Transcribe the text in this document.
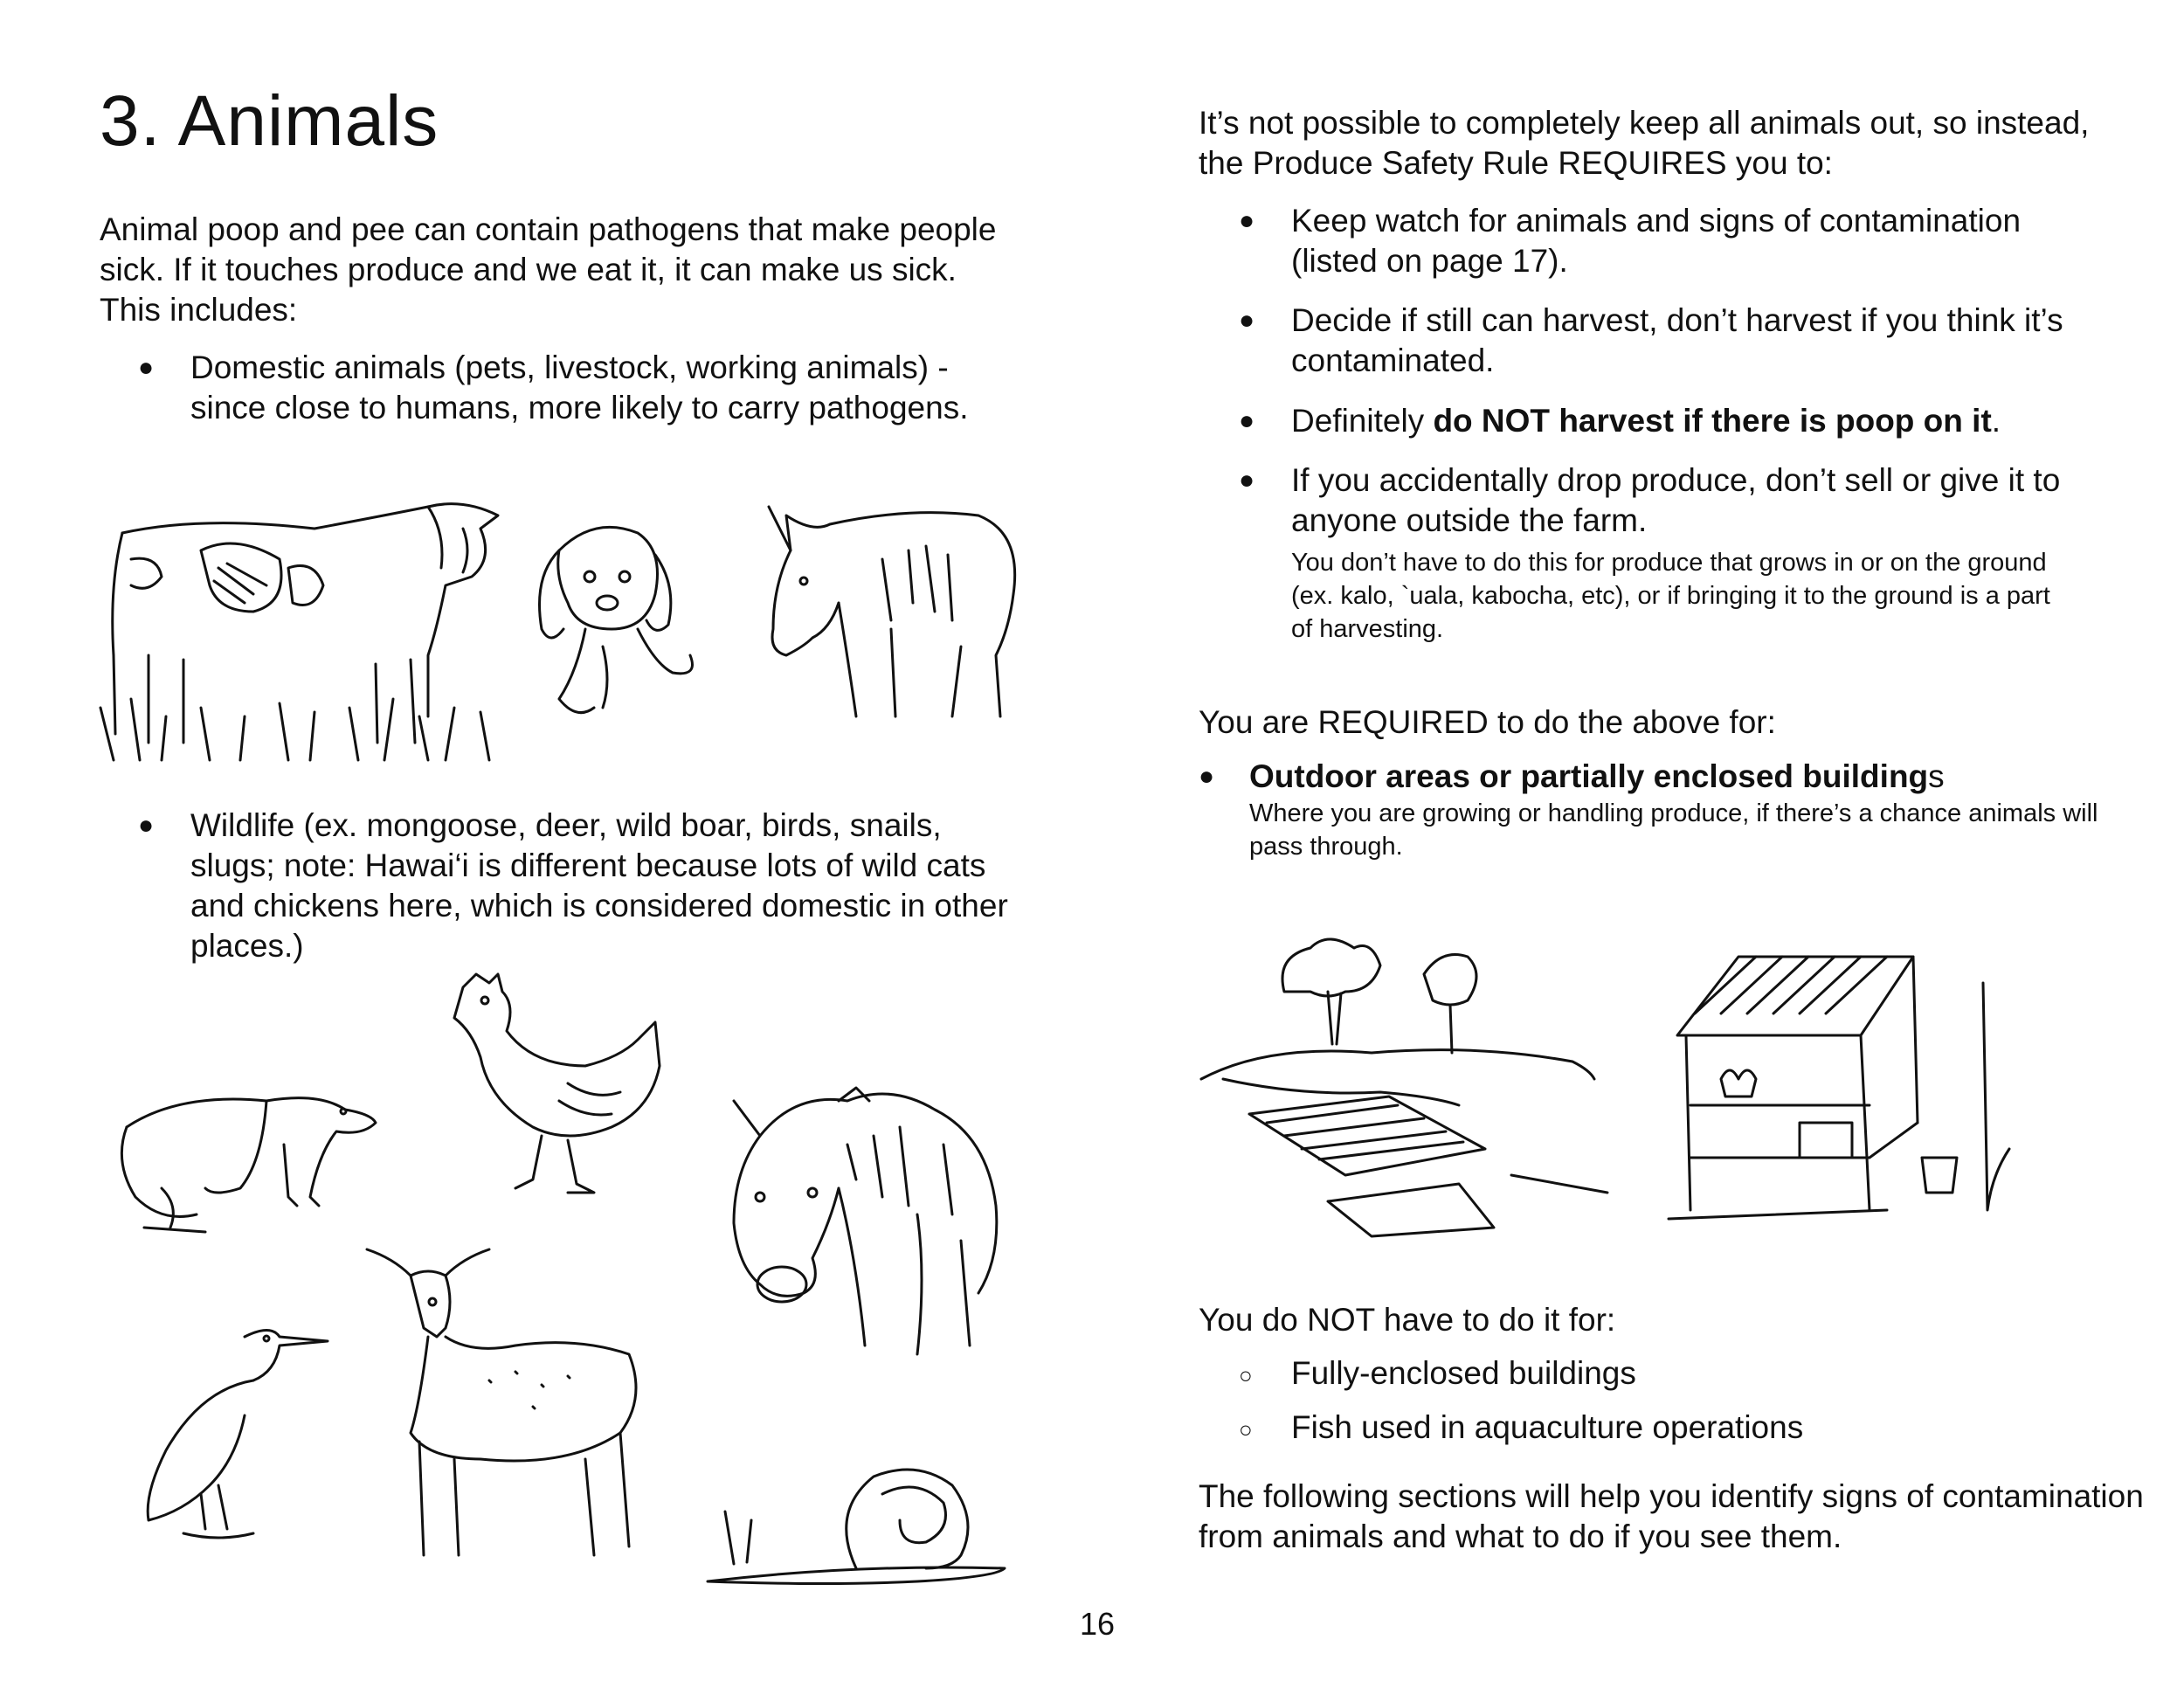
3. Animals

Animal poop and pee can contain pathogens that make people sick. If it touches produce and we eat it, it can make us sick. This includes:

● Domestic animals (pets, livestock, working animals) - since close to humans, more likely to carry pathogens.
● Wildlife (ex. mongoose, deer, wild boar, birds, snails, slugs; note: Hawai‘i is different because lots of wild cats and chickens here, which is considered domestic in other places.)

It’s not possible to completely keep all animals out, so instead, the Produce Safety Rule REQUIRES you to:

● Keep watch for animals and signs of contamination (listed on page 17).
● Decide if still can harvest, don’t harvest if you think it’s contaminated.
● Definitely do NOT harvest if there is poop on it.
● If you accidentally drop produce, don’t sell or give it to anyone outside the farm.
You don’t have to do this for produce that grows in or on the ground (ex. kalo, `uala, kabocha, etc), or if bringing it to the ground is a part of harvesting.

You are REQUIRED to do the above for:

● Outdoor areas or partially enclosed buildings
Where you are growing or handling produce, if there’s a chance animals will pass through.

You do NOT have to do it for:

○ Fully-enclosed buildings
○ Fish used in aquaculture operations

The following sections will help you identify signs of contamination from animals and what to do if you see them.

16
